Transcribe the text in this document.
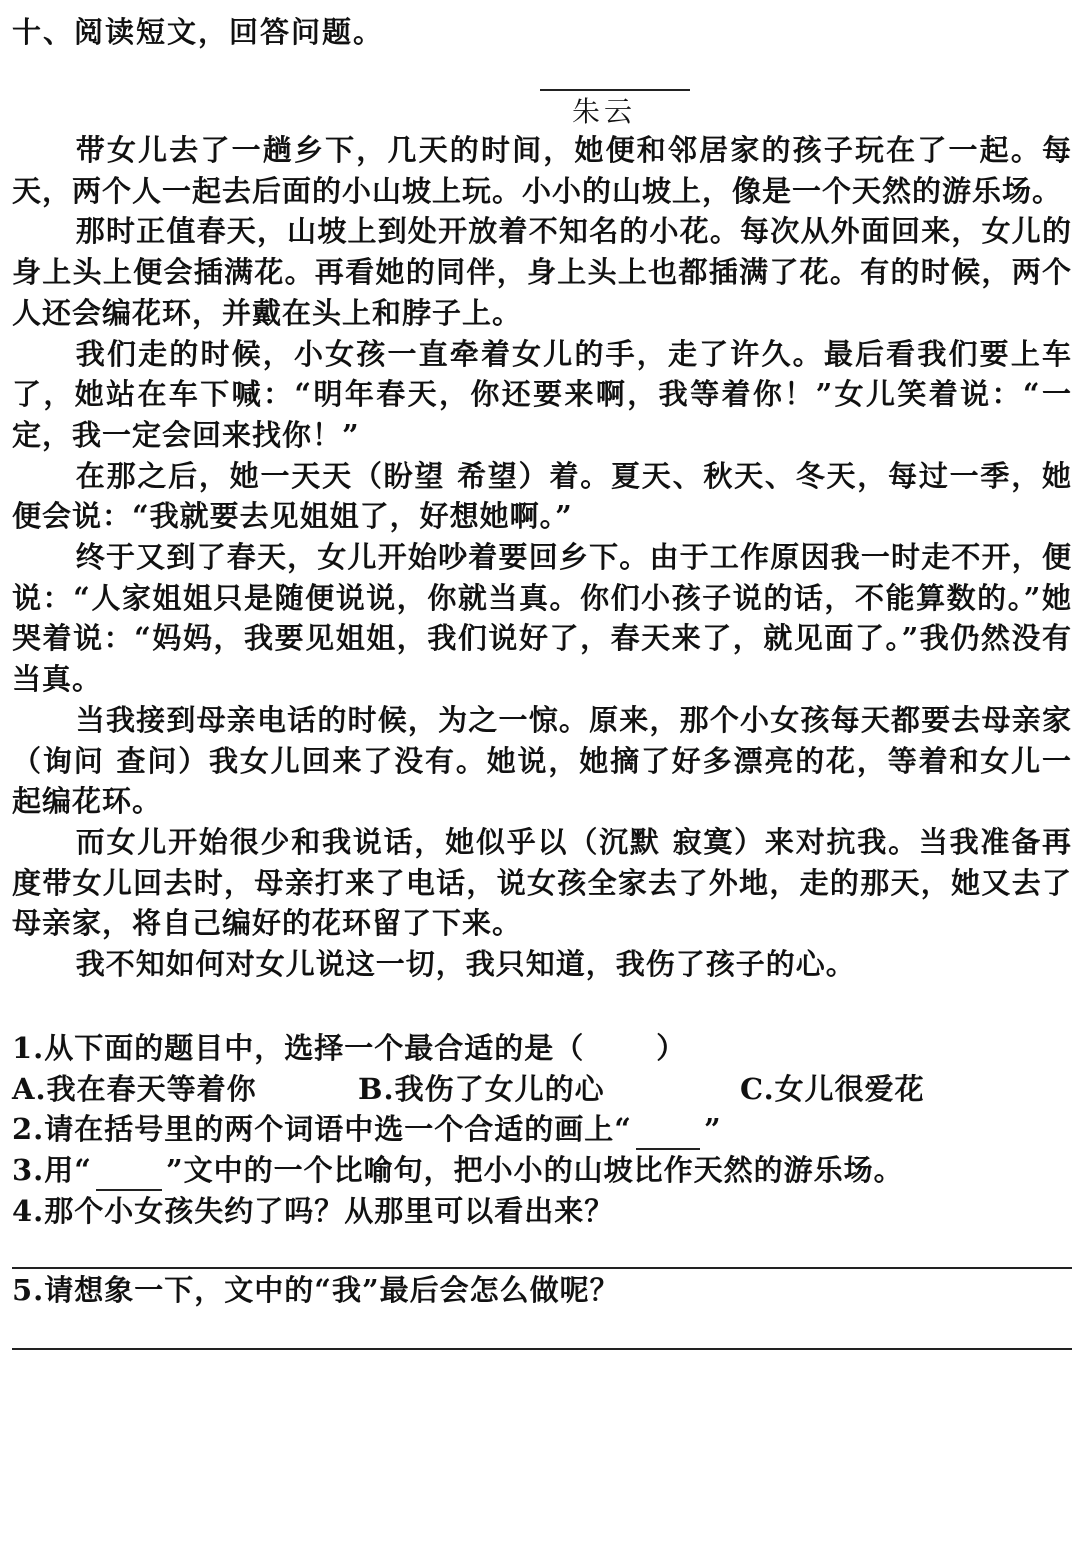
十、阅读短文，回答问题。
朱云

带女儿去了一趟乡下，几天的时间，她便和邻居家的孩子玩在了一起。每天，两个人一起去后面的小山坡上玩。小小的山坡上，像是一个天然的游乐场。

那时正值春天，山坡上到处开放着不知名的小花。每次从外面回来，女儿的身上头上便会插满花。再看她的同伴，身上头上也都插满了花。有的时候，两个人还会编花环，并戴在头上和脖子上。

我们走的时候，小女孩一直牵着女儿的手，走了许久。最后看我们要上车了，她站在车下喊：“明年春天，你还要来啊，我等着你！”女儿笑着说：“一定，我一定会回来找你！”

在那之后，她一天天（盼望 希望）着。夏天、秋天、冬天，每过一季，她便会说：“我就要去见姐姐了，好想她啊。”

终于又到了春天，女儿开始吵着要回乡下。由于工作原因我一时走不开，便说：“人家姐姐只是随便说说，你就当真。你们小孩子说的话，不能算数的。”她哭着说：“妈妈，我要见姐姐，我们说好了，春天来了，就见面了。”我仍然没有当真。

当我接到母亲电话的时候，为之一惊。原来，那个小女孩每天都要去母亲家（询问 查问）我女儿回来了没有。她说，她摘了好多漂亮的花，等着和女儿一起编花环。

而女儿开始很少和我说话，她似乎以（沉默 寂寞）来对抗我。当我准备再度带女儿回去时，母亲打来了电话，说女孩全家去了外地，走的那天，她又去了母亲家，将自己编好的花环留了下来。

我不知如何对女儿说这一切，我只知道，我伤了孩子的心。

1.从下面的题目中，选择一个最合适的是（ ）

A.我在春天等着你	B.我伤了女儿的心	C.女儿很爱花

2.请在括号里的两个词语中选一个合适的画上“ ”

3.用“	”文中的一个比喻句，把小小的山坡比作天然的游乐场。

4.那个小女孩失约了吗？从那里可以看出来？

5.请想象一下，文中的“我”最后会怎么做呢？
